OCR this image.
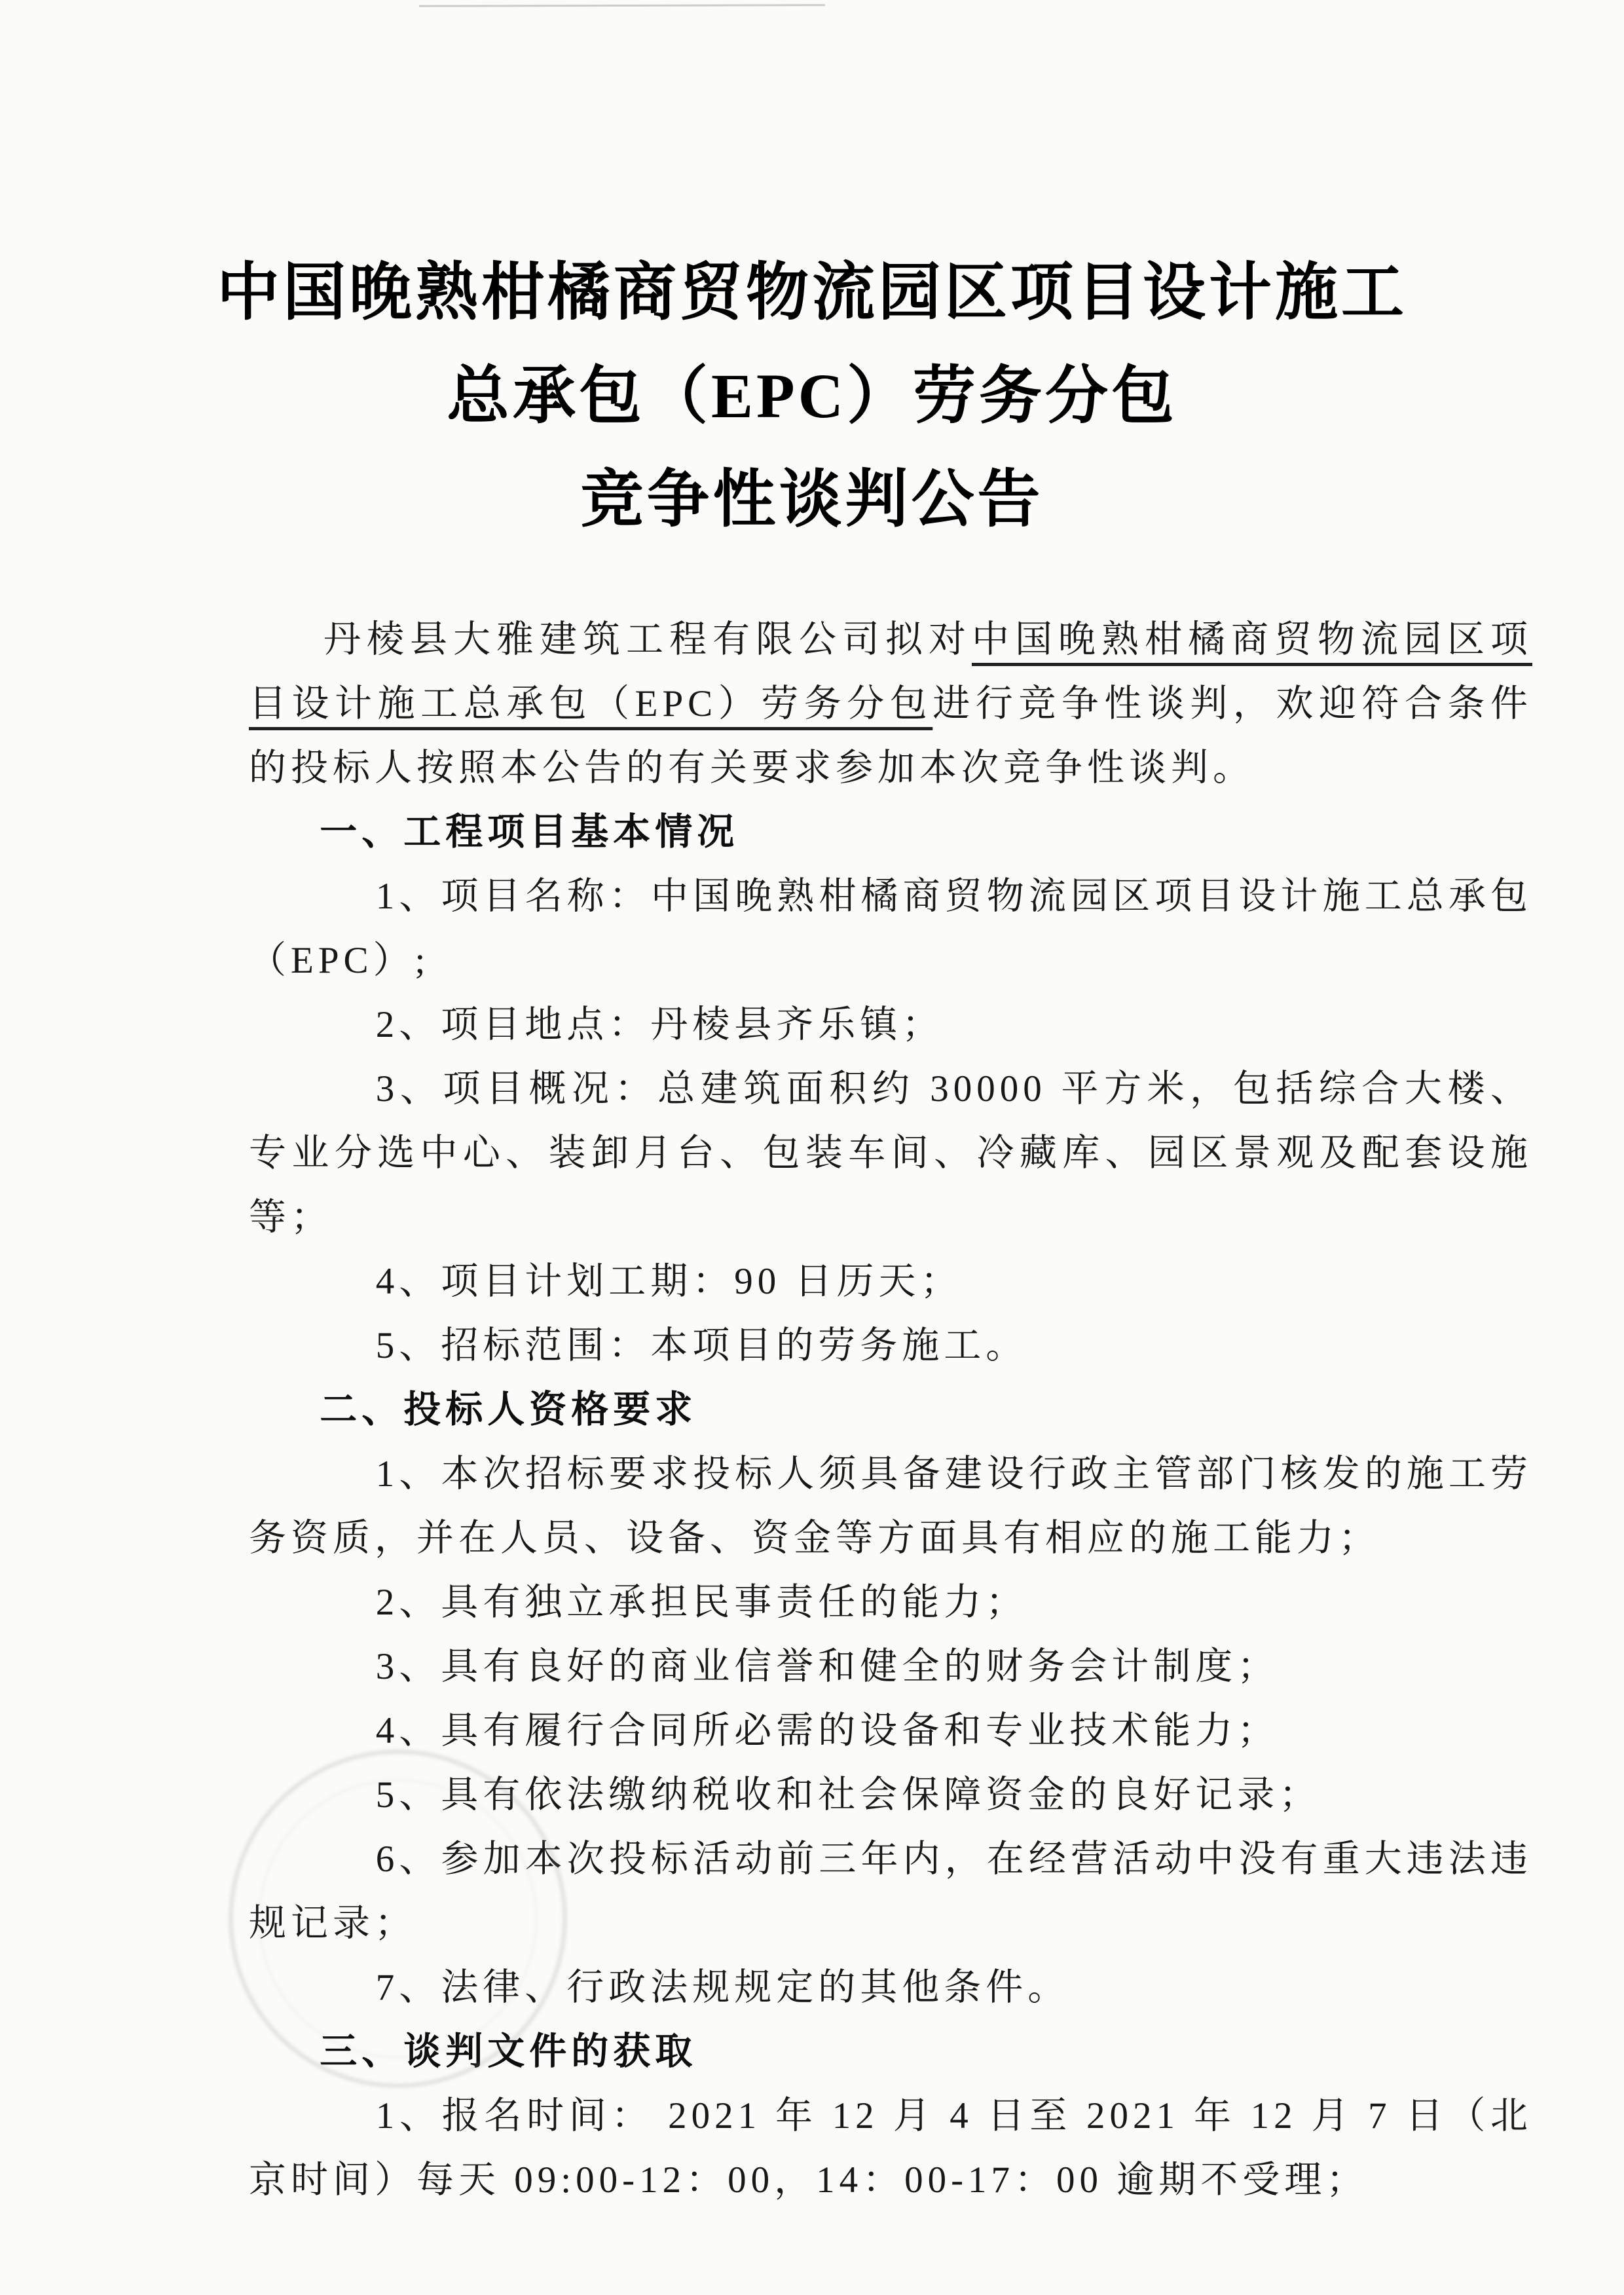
中国晚熟柑橘商贸物流园区项目设计施工
总承包（EPC）劳务分包
竞争性谈判公告

丹棱县大雅建筑工程有限公司拟对中国晚熟柑橘商贸物流园区项目设计施工总承包（EPC）劳务分包进行竞争性谈判，欢迎符合条件的投标人按照本公告的有关要求参加本次竞争性谈判。

一、工程项目基本情况

1、项目名称：中国晚熟柑橘商贸物流园区项目设计施工总承包（EPC）;

2、项目地点：丹棱县齐乐镇；

3、项目概况：总建筑面积约 30000 平方米，包括综合大楼、专业分选中心、装卸月台、包装车间、冷藏库、园区景观及配套设施等；

4、项目计划工期：90 日历天；

5、招标范围：本项目的劳务施工。

二、投标人资格要求

1、本次招标要求投标人须具备建设行政主管部门核发的施工劳务资质，并在人员、设备、资金等方面具有相应的施工能力；

2、具有独立承担民事责任的能力；

3、具有良好的商业信誉和健全的财务会计制度；

4、具有履行合同所必需的设备和专业技术能力；

5、具有依法缴纳税收和社会保障资金的良好记录；

6、参加本次投标活动前三年内，在经营活动中没有重大违法违规记录；

7、法律、行政法规规定的其他条件。

三、谈判文件的获取

1、报名时间： 2021 年 12 月 4 日至 2021 年 12 月 7 日（北京时间）每天 09:00-12：00，14：00-17：00 逾期不受理；
